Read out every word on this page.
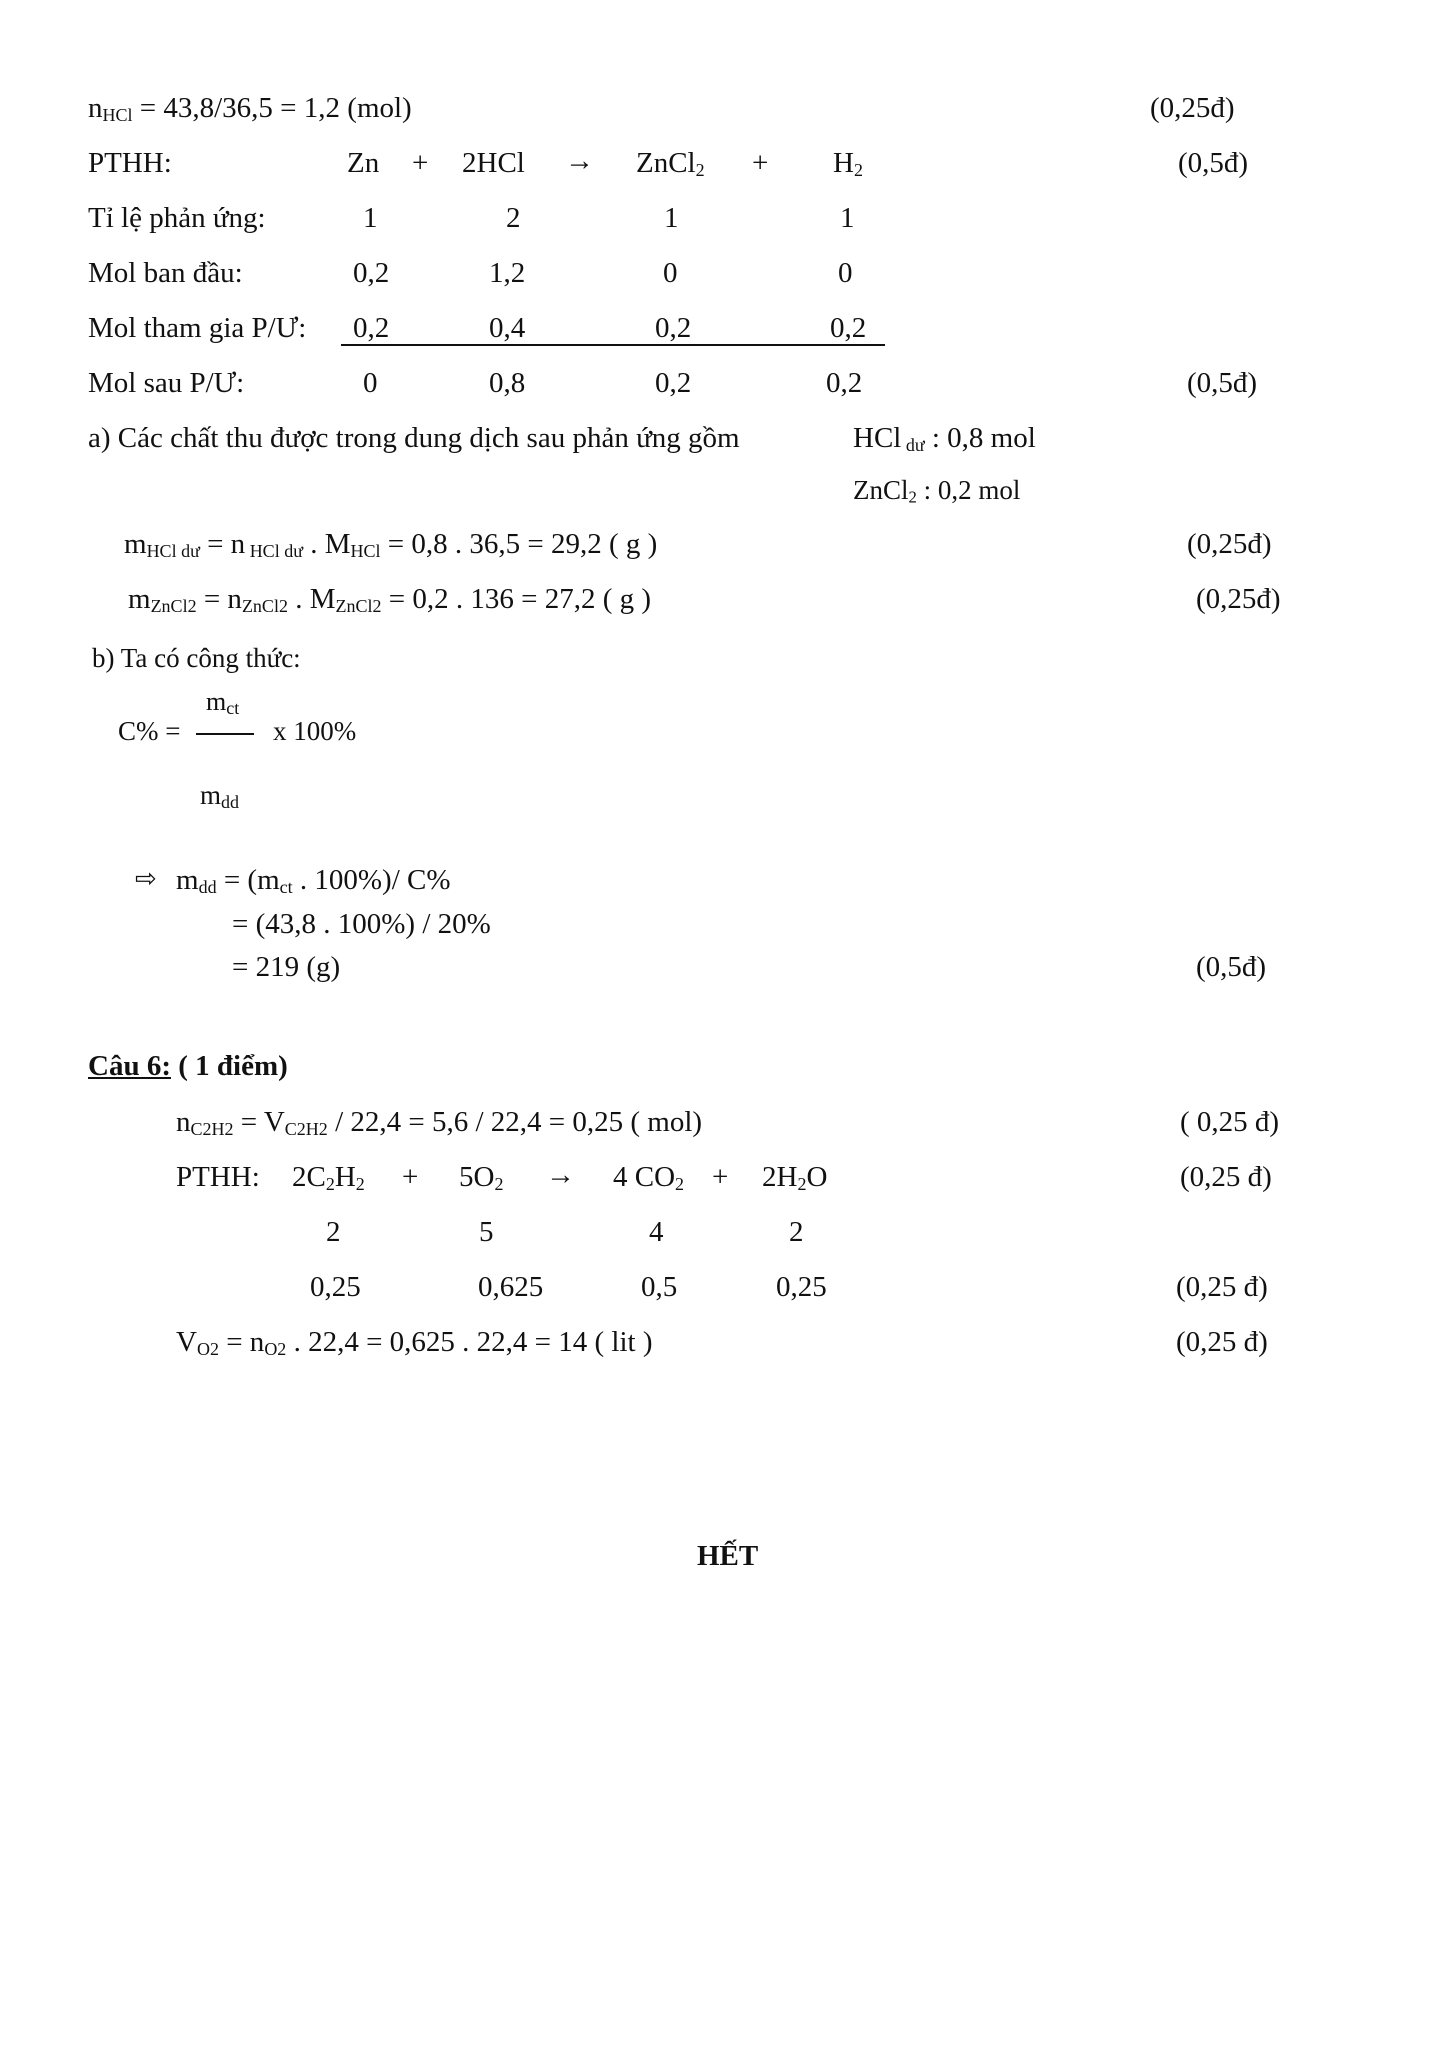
$n_{HCl} = 43,8/36,5 = 1,2$ (mol)	(0,25đ)
PTHH:	Zn + 2HCl → ZnCl$_2$ + $H_2$	(0,5đ)
Tỉ lệ phản ứng:	1	2	1	1
Mol ban đầu:	0,2	1,2	0	0
Mol tham gia P/Ư: 0,2	0,4	0,2	0,2
Mol sau P/Ư:	0	0,8	0,2	0,2	(0,5đ)
a) Các chất thu được trong dung dịch sau phản ứng gồm	HCl $_{dư}$ : 0,8 mol
ZnCl$_2$ : 0,2 mol
$m_{HCl dư} = n$ $_{HCl dư}$ . $M_{HCl} = 0,8$ . 36,5 = 29,2 ( g )	(0,25đ)
$m_{ZnCl2} = n_{ZnCl2}$ . $M_{ZnCl2} = 0,2$ . 136 = 27,2 ( g )	(0,25đ)
b) Ta có công thức:
$m_{ct}$
C% =	x 100%
$m_{dd}$
⇨ $m_{dd} = (m_{ct}$ . 100%)/ C%
= (43,8 . 100%) / 20%
= 219 (g)	(0,5đ)
Câu 6: ( 1 điểm)
$n_{C2H2} = V_{C2H2} / 22,4 = 5,6 / 22,4 = 0,25$ ( mol)	( 0,25 đ)
PTHH: $2C_2H_2 + 5O_2 \to 4$ $CO_2 + 2H_2O$	(0,25 đ)
2	5	4	2
0,25	0,625	0,5	0,25	(0,25 đ)
$V_{O2} = n_{O2}$ . 22,4 = 0,625 . 22,4 = 14 ( lit )	(0,25 đ)
HẾT
